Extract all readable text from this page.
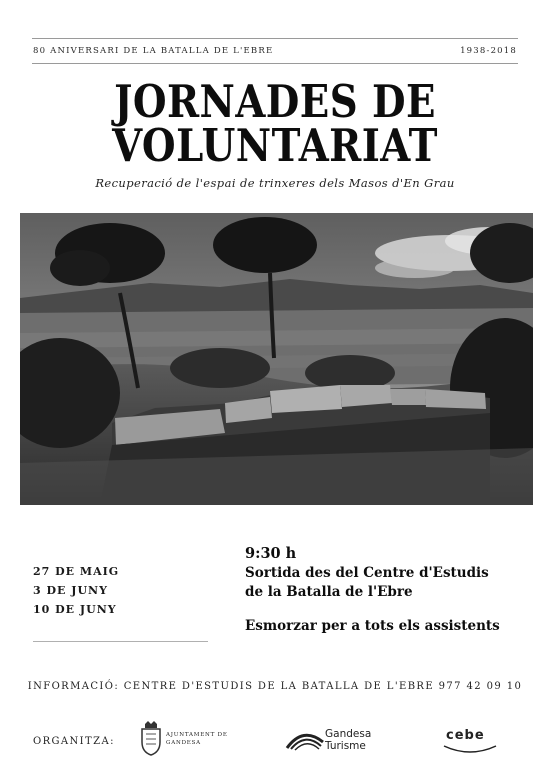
80 ANIVERSARI DE LA BATALLA DE L'EBRE	1938-2018
JORNADES DE
VOLUNTARIAT
Recuperació de l'espai de trinxeres dels Masos d'En Grau
27 DE MAIG
3 DE JUNY
10 DE JUNY
9:30 h
Sortida des del Centre d'Estudis
de la Batalla de l'Ebre
Esmorzar per a tots els assistents
INFORMACIÓ: CENTRE D'ESTUDIS DE LA BATALLA DE L'EBRE 977 42 09 10
ORGANITZA:
AJUNTAMENT DE
GANDESA
Gandesa
Turisme
cebe
